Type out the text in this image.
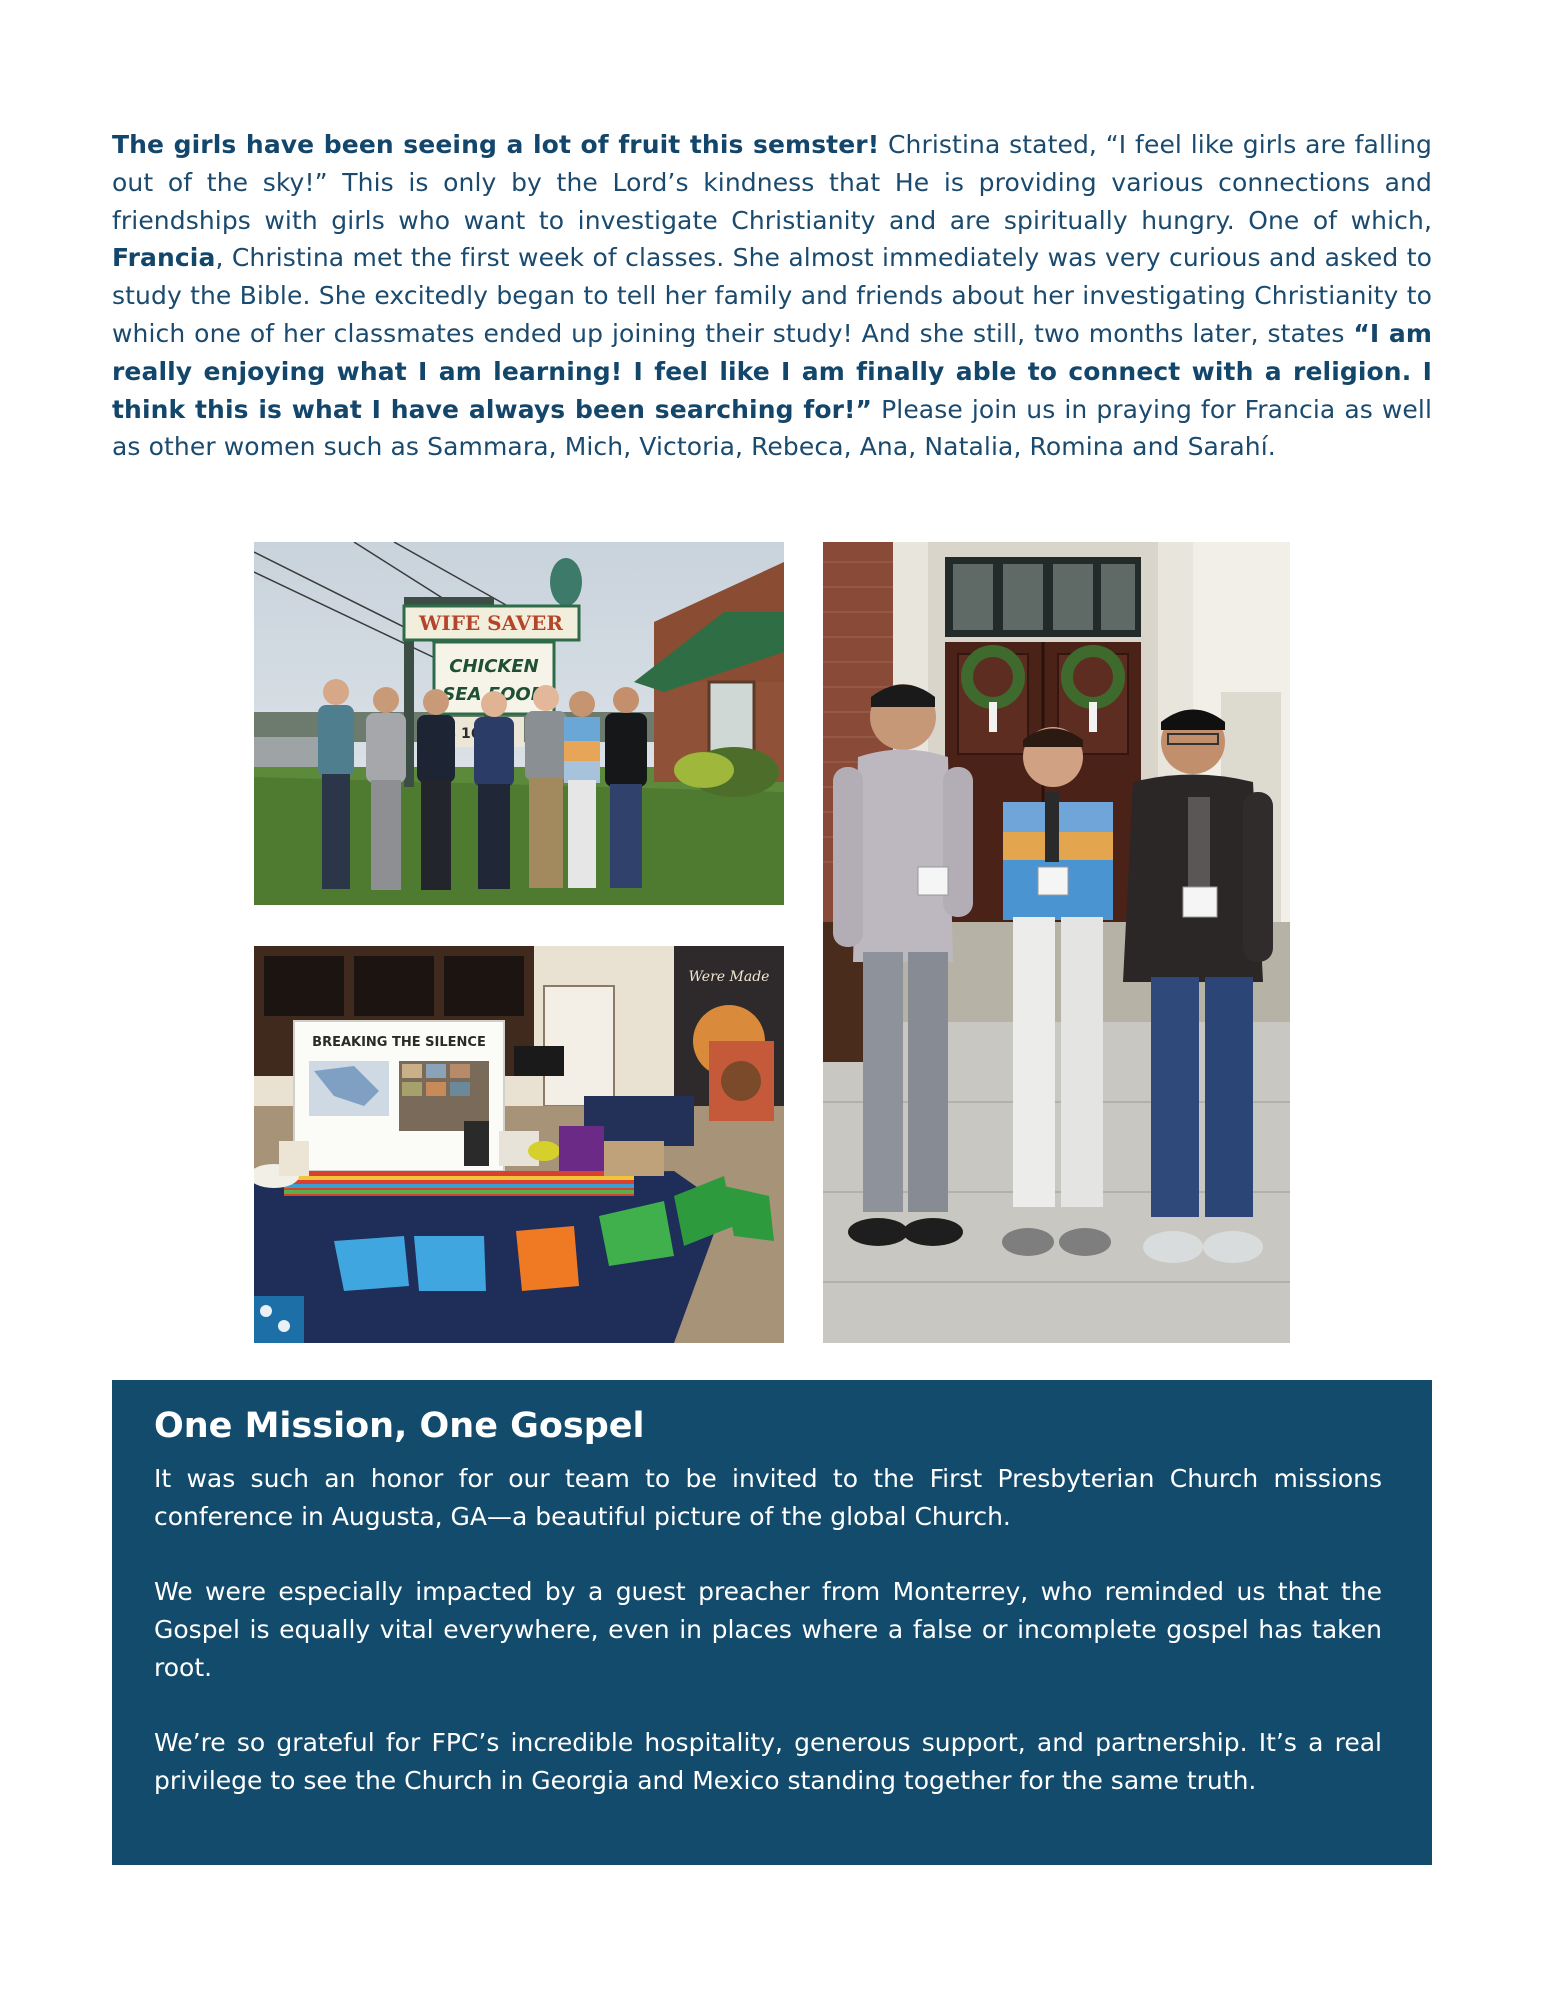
The girls have been seeing a lot of fruit this semster! Christina stated, “I feel like girls are falling out of the sky!” This is only by the Lord’s kindness that He is providing various connections and friendships with girls who want to investigate Christianity and are spiritually hungry. One of which, Francia, Christina met the first week of classes. She almost immediately was very curious and asked to study the Bible. She excitedly began to tell her family and friends about her investigating Christianity to which one of her classmates ended up joining their study! And she still, two months later, states “I am really enjoying what I am learning! I feel like I am finally able to connect with a religion. I think this is what I have always been searching for!” Please join us in praying for Francia as well as other women such as Sammara, Mich, Victoria, Rebeca, Ana, Natalia, Romina and Sarahí.
WIFE SAVER
CHICKEN
SEA FOOD
16
Were Made
BREAKING THE SILENCE
One Mission, One Gospel

It was such an honor for our team to be invited to the First Presbyterian Church missions conference in Augusta, GA—a beautiful picture of the global Church.

We were especially impacted by a guest preacher from Monterrey, who reminded us that the Gospel is equally vital everywhere, even in places where a false or incomplete gospel has taken root.

We’re so grateful for FPC’s incredible hospitality, generous support, and partnership. It’s a real privilege to see the Church in Georgia and Mexico standing together for the same truth.
